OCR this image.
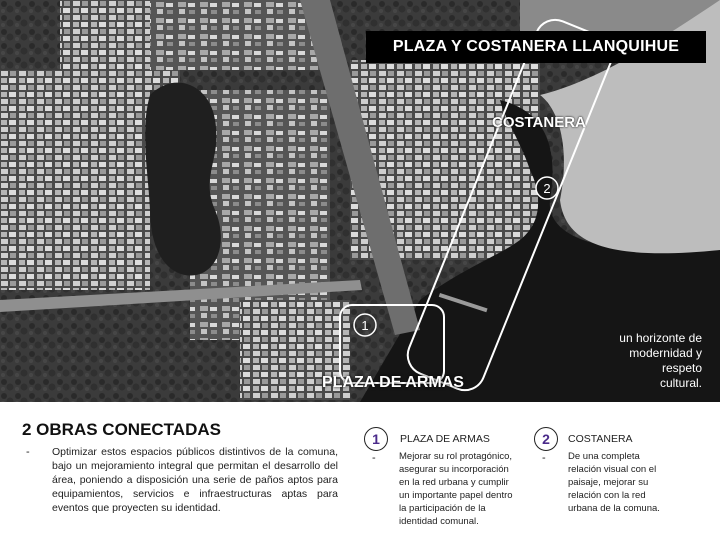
1
2
PLAZA Y COSTANERA LLANQUIHUE
COSTANERA
PLAZA DE ARMAS
un horizonte de
modernidad y
respeto
cultural.
2 OBRAS CONECTADAS
- Optimizar estos espacios públicos distintivos de la comuna, bajo un mejoramiento integral que permitan el desarrollo del área, poniendo a disposición una serie de paños aptos para equipamientos, servicios e infraestructuras aptas para eventos que proyecten su identidad.
1	PLAZA DE ARMAS
- Mejorar su rol protagónico,
asegurar su incorporación
en la red urbana y cumplir
un importante papel dentro
la participación de la
identidad comunal.
2	COSTANERA
- De una completa
relación visual con el
paisaje, mejorar su
relación con la red
urbana de la comuna.
